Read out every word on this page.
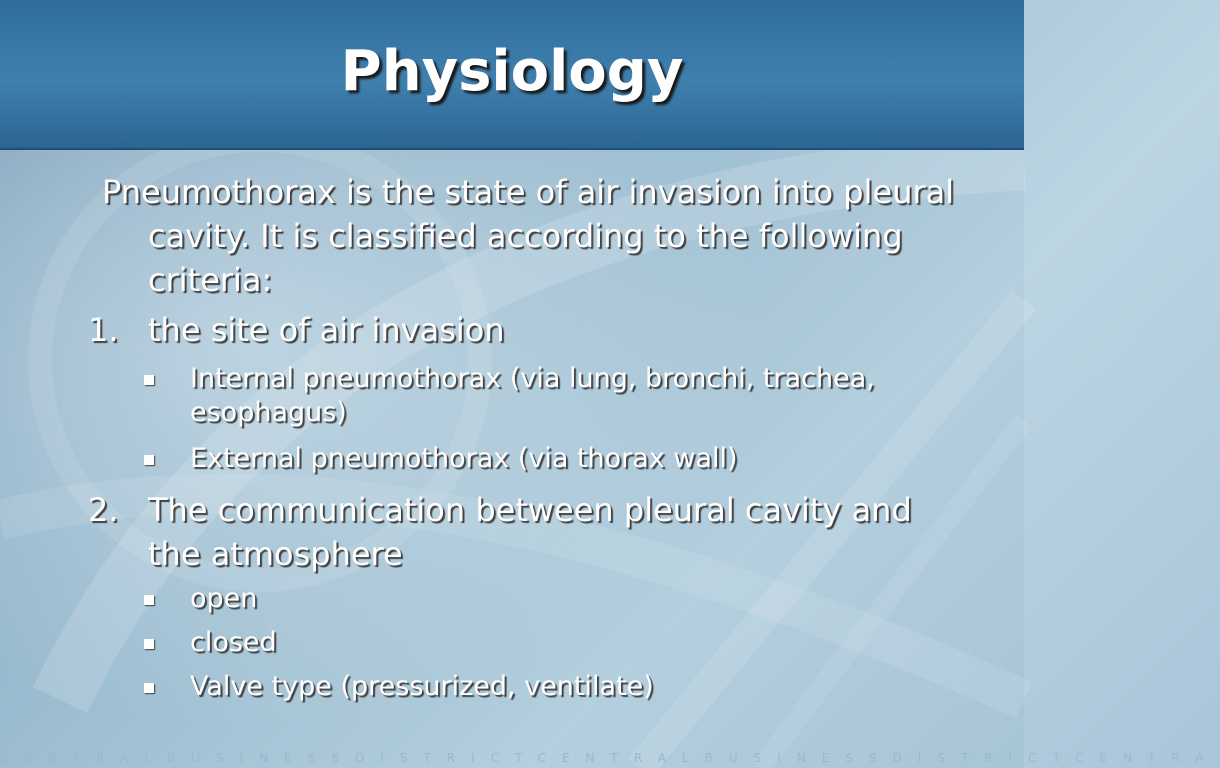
Physiology

Pneumothorax is the state of air invasion into pleural cavity. It is classified according to the following criteria:

1. the site of air invasion
Internal pneumothorax (via lung, bronchi, trachea, esophagus)
External pneumothorax (via thorax wall)
2. The communication between pleural cavity and the atmosphere
open
closed
Valve type (pressurized, ventilate)
CENTRALBUSINESSDISTRICTCENTRALBUSINESSDISTRICTCENTRA
